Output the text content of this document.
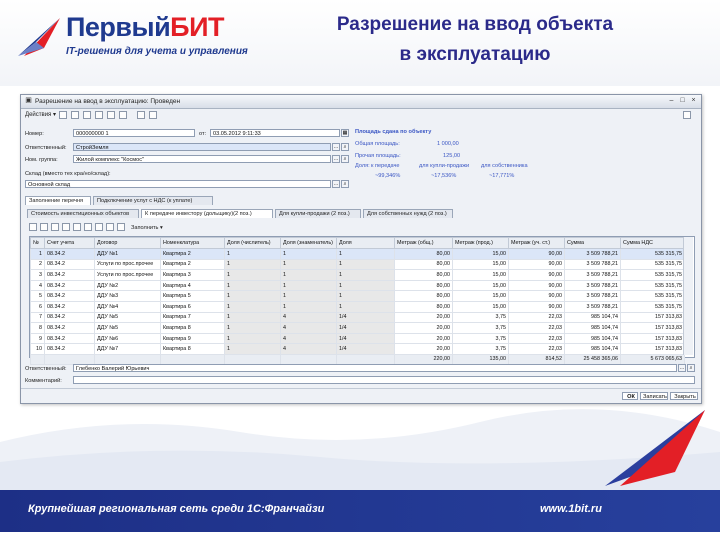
ПервыйБИТ
IT-решения для учета и управления
Разрешение на ввод объекта
в эксплуатацию
▣ Разрешение на ввод в эксплуатацию: Проведен	– □ ×
Действия ▾
Номер:	000000000 1	от:	03.05.2012 9:11:33	▦
Ответственный:	СтройЗемля	…	⌕
Ном. группа:	Жилой комплекс "Космос"	…	⌕
Склад (вместо тех кра/но/склад):
Основной склад	…	⌕
Площадь сдана по объекту
Общая площадь:	1 000,00
Прочая площадь:	125,00
Доля: к передаче	для купли-продажи для собственника
~99,346%	~17,536%	~17,771%
Заполнение перечня	Подключение услуг с НДС (к уплате)
Стоимость инвестиционных объектов	К передаче инвестору (дольщику)(2 поз.)	Для купли-продажи (2 поз.)	Для собственных нужд (2 поз.)
Заполнить ▾
№	Счет учета	Договор	Номенклатура	Доля (числитель)	Доля (знаменатель)	Доля	Метраж (общ.)	Метраж (прод.)	Метраж (уч. ст.)	Сумма	Сумма НДС
1	08.34.2	ДДУ №1	Квартира 2	1	1	1	80,00	15,00	90,00	3 509 788,21	535 315,75
2	08.34.2	Услуги по прос.прочее	Квартира 2	1	1	1	80,00	15,00	90,00	3 509 788,21	535 315,75
3	08.34.2	Услуги по прос.прочее	Квартира 3	1	1	1	80,00	15,00	90,00	3 509 788,21	535 315,75
4	08.34.2	ДДУ №2	Квартира 4	1	1	1	80,00	15,00	90,00	3 509 788,21	535 315,75
5	08.34.2	ДДУ №3	Квартира 5	1	1	1	80,00	15,00	90,00	3 509 788,21	535 315,75
6	08.34.2	ДДУ №4	Квартира 6	1	1	1	80,00	15,00	90,00	3 509 788,21	535 315,75
7	08.34.2	ДДУ №5	Квартира 7	1	4	1/4	20,00	3,75	22,03	985 104,74	157 313,83
8	08.34.2	ДДУ №5	Квартира 8	1	4	1/4	20,00	3,75	22,03	985 104,74	157 313,83
9	08.34.2	ДДУ №6	Квартира 9	1	4	1/4	20,00	3,75	22,03	985 104,74	157 313,83
10	08.34.2	ДДУ №7	Квартира 8	1	4	1/4	20,00	3,75	22,03	985 104,74	157 313,83
							220,00	135,00	814,52	25 458 365,06	5 673 065,63
Ответственный:	Глебенко Валерий Юрьевич	…	⌕
Комментарий:
ОК	Записать	Закрыть
Крупнейшая региональная сеть среди 1С:Франчайзи	www.1bit.ru
